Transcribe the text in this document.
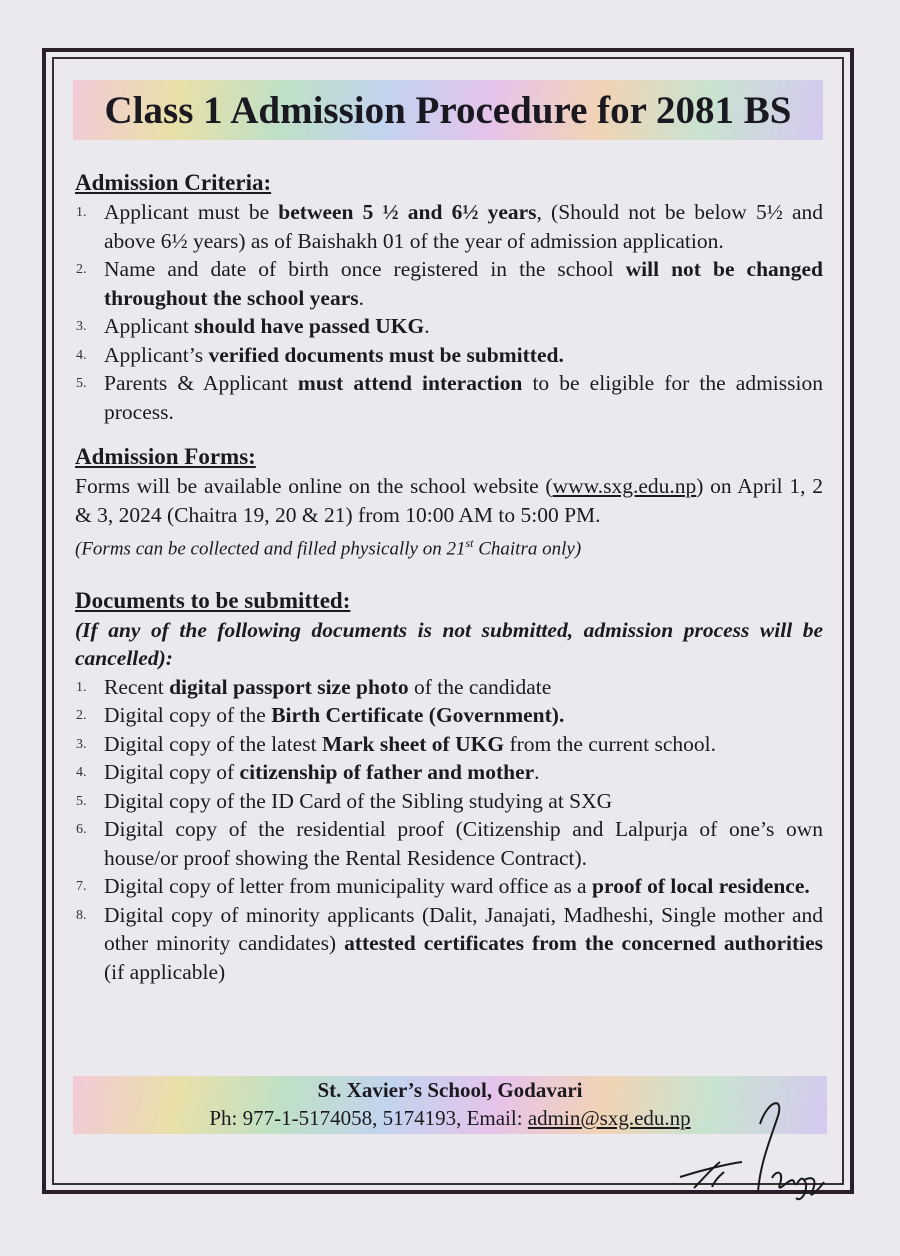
Class 1 Admission Procedure for 2081 BS
Admission Criteria:
Applicant must be between 5 ½ and 6½ years, (Should not be below 5½ and above 6½ years) as of Baishakh 01 of the year of admission application.
Name and date of birth once registered in the school will not be changed throughout the school years.
Applicant should have passed UKG.
Applicant’s verified documents must be submitted.
Parents & Applicant must attend interaction to be eligible for the admission process.
Admission Forms:

Forms will be available online on the school website (www.sxg.edu.np) on April 1, 2 & 3, 2024 (Chaitra 19, 20 & 21) from 10:00 AM to 5:00 PM.

(Forms can be collected and filled physically on 21st Chaitra only)

Documents to be submitted:

(If any of the following documents is not submitted, admission process will be cancelled):

Recent digital passport size photo of the candidate
Digital copy of the Birth Certificate (Government).
Digital copy of the latest Mark sheet of UKG from the current school.
Digital copy of citizenship of father and mother.
Digital copy of the ID Card of the Sibling studying at SXG
Digital copy of the residential proof (Citizenship and Lalpurja of one’s own house/or proof showing the Rental Residence Contract).
Digital copy of letter from municipality ward office as a proof of local residence.
Digital copy of minority applicants (Dalit, Janajati, Madheshi, Single mother and other minority candidates) attested certificates from the concerned authorities (if applicable)
St. Xavier’s School, Godavari
Ph: 977-1-5174058, 5174193, Email: admin@sxg.edu.np
